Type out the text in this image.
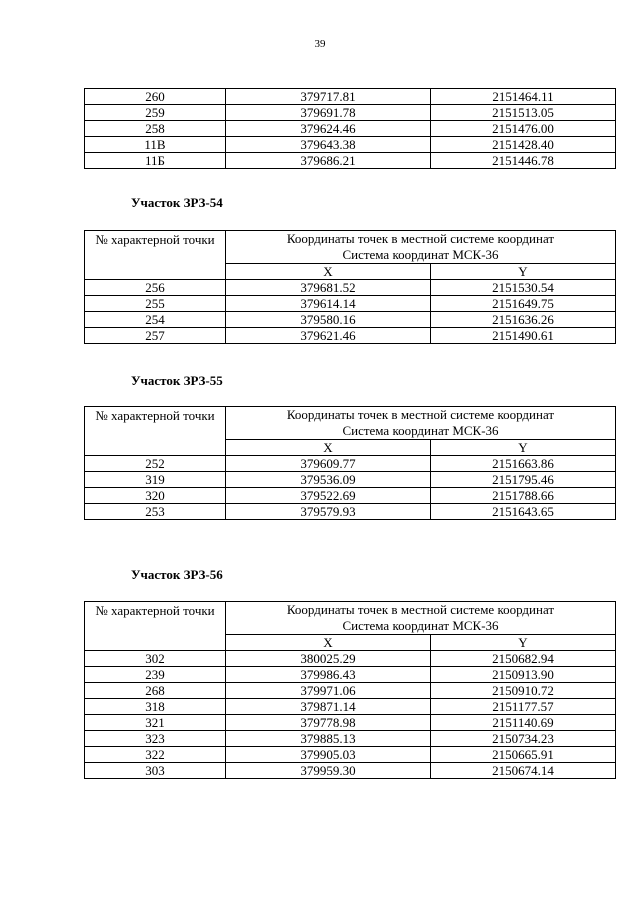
39
260	379717.81	2151464.11
259	379691.78	2151513.05
258	379624.46	2151476.00
11В	379643.38	2151428.40
11Б	379686.21	2151446.78
Участок ЗРЗ-54
№ характерной точки	Координаты точек в местной системе координат
Система координат МСК-36	
	X	Y
256	379681.52	2151530.54
255	379614.14	2151649.75
254	379580.16	2151636.26
257	379621.46	2151490.61
Участок ЗРЗ-55
№ характерной точки	Координаты точек в местной системе координат
Система координат МСК-36	
	X	Y
252	379609.77	2151663.86
319	379536.09	2151795.46
320	379522.69	2151788.66
253	379579.93	2151643.65
Участок ЗРЗ-56
№ характерной точки	Координаты точек в местной системе координат
Система координат МСК-36	
	X	Y
302	380025.29	2150682.94
239	379986.43	2150913.90
268	379971.06	2150910.72
318	379871.14	2151177.57
321	379778.98	2151140.69
323	379885.13	2150734.23
322	379905.03	2150665.91
303	379959.30	2150674.14
